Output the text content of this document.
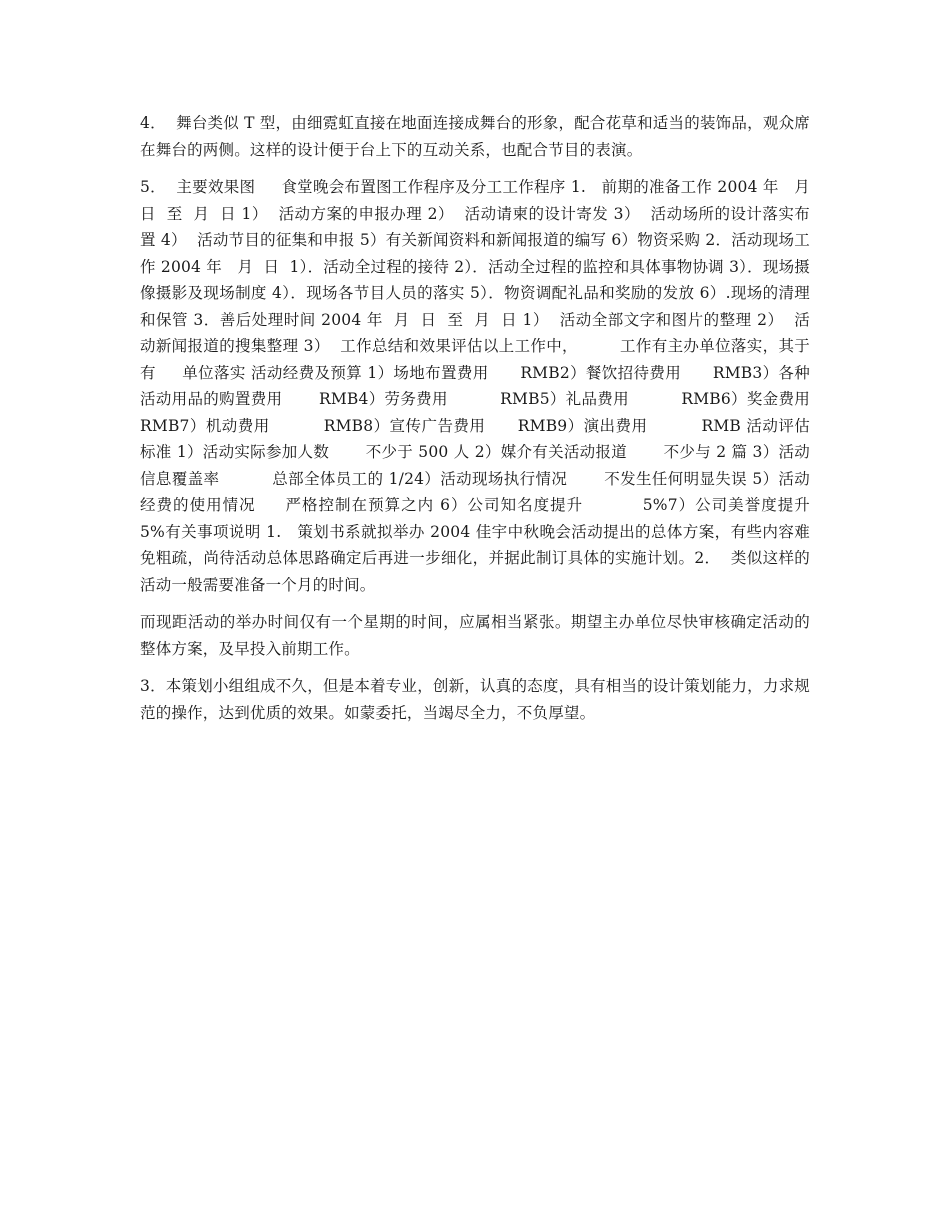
4．  舞台类似 T 型，由细霓虹直接在地面连接成舞台的形象，配合花草和适当的装饰品，观众席在舞台的两侧。这样的设计便于台上下的互动关系，也配合节目的表演。

5．  主要效果图     食堂晚会布置图工作程序及分工工作程序 1.   前期的准备工作 2004 年   月  日  至  月  日 1）  活动方案的申报办理 2）  活动请柬的设计寄发 3）  活动场所的设计落实布置 4）  活动节目的征集和申报 5）有关新闻资料和新闻报道的编写 6）物资采购 2．活动现场工作 2004 年   月  日  1）．活动全过程的接待 2）．活动全过程的监控和具体事物协调 3）．现场摄像摄影及现场制度 4）．现场各节目人员的落实 5）．物资调配礼品和奖励的发放 6）.现场的清理和保管 3．善后处理时间 2004 年  月  日  至  月  日 1）  活动全部文字和图片的整理 2）  活动新闻报道的搜集整理 3）  工作总结和效果评估以上工作中，        工作有主办单位落实，其于有     单位落实 活动经费及预算 1）场地布置费用      RMB2）餐饮招待费用      RMB3）各种活动用品的购置费用       RMB4）劳务费用          RMB5）礼品费用          RMB6）奖金费用          RMB7）机动费用          RMB8）宣传广告费用      RMB9）演出费用          RMB 活动评估标准 1）活动实际参加人数       不少于 500 人 2）媒介有关活动报道       不少与 2 篇 3）活动信息覆盖率          总部全体员工的 1/24）活动现场执行情况       不发生任何明显失误 5）活动经费的使用情况     严格控制在预算之内 6）公司知名度提升          5%7）公司美誉度提升          5%有关事项说明 1.   策划书系就拟举办 2004 佳宇中秋晚会活动提出的总体方案，有些内容难免粗疏，尚待活动总体思路确定后再进一步细化，并据此制订具体的实施计划。2．  类似这样的活动一般需要准备一个月的时间。

而现距活动的举办时间仅有一个星期的时间，应属相当紧张。期望主办单位尽快审核确定活动的整体方案，及早投入前期工作。

3．本策划小组组成不久，但是本着专业，创新，认真的态度，具有相当的设计策划能力，力求规范的操作，达到优质的效果。如蒙委托，当竭尽全力，不负厚望。
